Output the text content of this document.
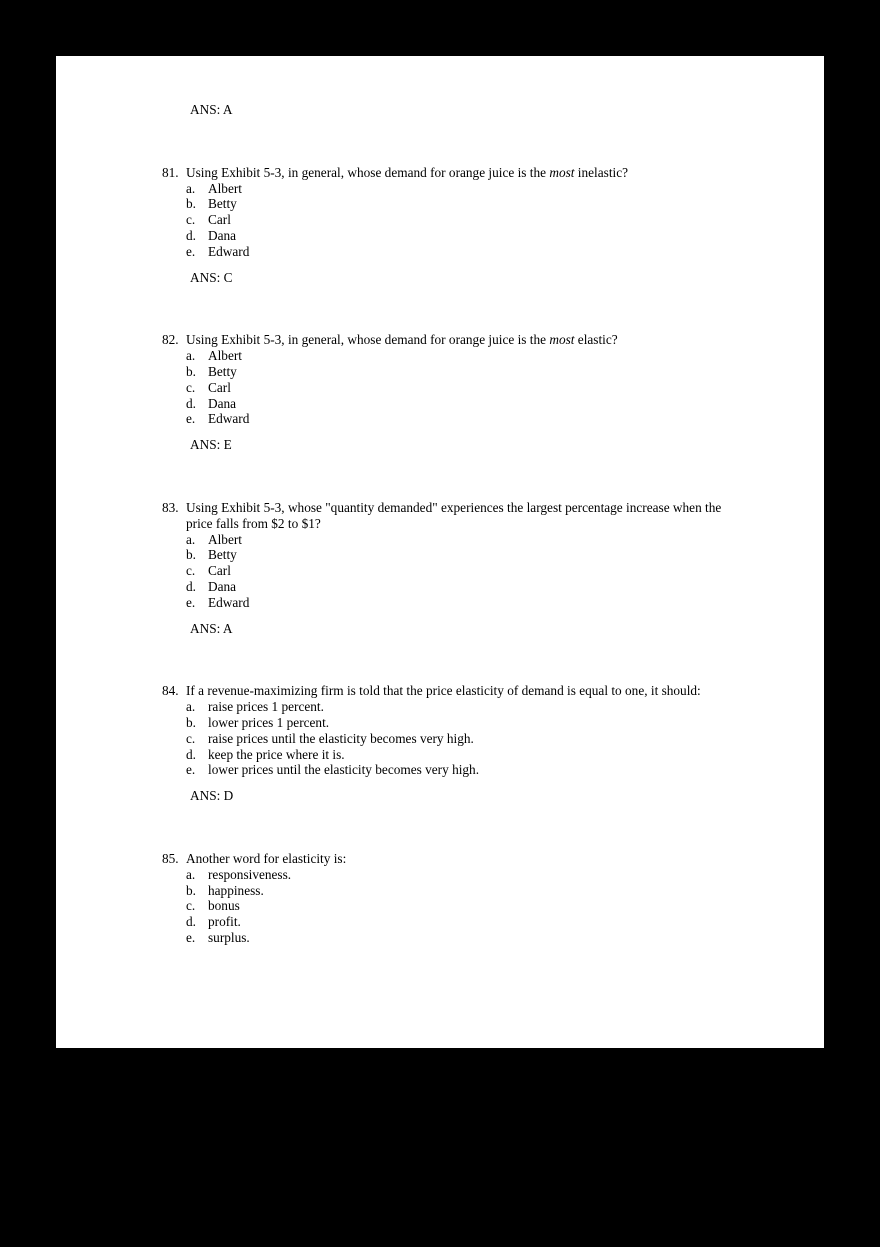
ANS: A
81. Using Exhibit 5-3, in general, whose demand for orange juice is the most inelastic?
a. Albert
b. Betty
c. Carl
d. Dana
e. Edward
ANS: C
82. Using Exhibit 5-3, in general, whose demand for orange juice is the most elastic?
a. Albert
b. Betty
c. Carl
d. Dana
e. Edward
ANS: E
83. Using Exhibit 5-3, whose "quantity demanded" experiences the largest percentage increase when the price falls from $2 to $1?
a. Albert
b. Betty
c. Carl
d. Dana
e. Edward
ANS: A
84. If a revenue-maximizing firm is told that the price elasticity of demand is equal to one, it should:
a. raise prices 1 percent.
b. lower prices 1 percent.
c. raise prices until the elasticity becomes very high.
d. keep the price where it is.
e. lower prices until the elasticity becomes very high.
ANS: D
85. Another word for elasticity is:
a. responsiveness.
b. happiness.
c. bonus
d. profit.
e. surplus.
